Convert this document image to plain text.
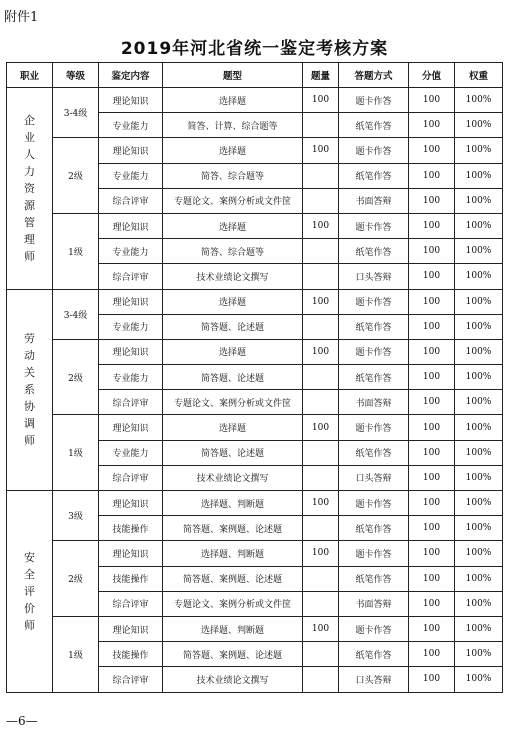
附件1
2019年河北省统一鉴定考核方案
职业	等级	鉴定内容	题型	题量	答题方式	分值	权重
企业人力资源管理师	3-4级	理论知识	选择题	100	题卡作答	100	100%
		专业能力	简答、计算、综合题等		纸笔作答	100	100%
	2级	理论知识	选择题	100	题卡作答	100	100%
		专业能力	简答、综合题等		纸笔作答	100	100%
		综合评审	专题论文、案例分析或文件筐		书面答辩	100	100%
	1级	理论知识	选择题	100	题卡作答	100	100%
		专业能力	简答、综合题等		纸笔作答	100	100%
		综合评审	技术业绩论文撰写		口头答辩	100	100%
劳动关系协调师	3-4级	理论知识	选择题	100	题卡作答	100	100%
		专业能力	简答题、论述题		纸笔作答	100	100%
	2级	理论知识	选择题	100	题卡作答	100	100%
		专业能力	简答题、论述题		纸笔作答	100	100%
		综合评审	专题论文、案例分析或文件筐		书面答辩	100	100%
	1级	理论知识	选择题	100	题卡作答	100	100%
		专业能力	简答题、论述题		纸笔作答	100	100%
		综合评审	技术业绩论文撰写		口头答辩	100	100%
安全评价师	3级	理论知识	选择题、判断题	100	题卡作答	100	100%
		技能操作	简答题、案例题、论述题		纸笔作答	100	100%
	2级	理论知识	选择题、判断题	100	题卡作答	100	100%
		技能操作	简答题、案例题、论述题		纸笔作答	100	100%
		综合评审	专题论文、案例分析或文件筐		书面答辩	100	100%
	1级	理论知识	选择题、判断题	100	题卡作答	100	100%
		技能操作	简答题、案例题、论述题		纸笔作答	100	100%
		综合评审	技术业绩论文撰写		口头答辩	100	100%
—6—
